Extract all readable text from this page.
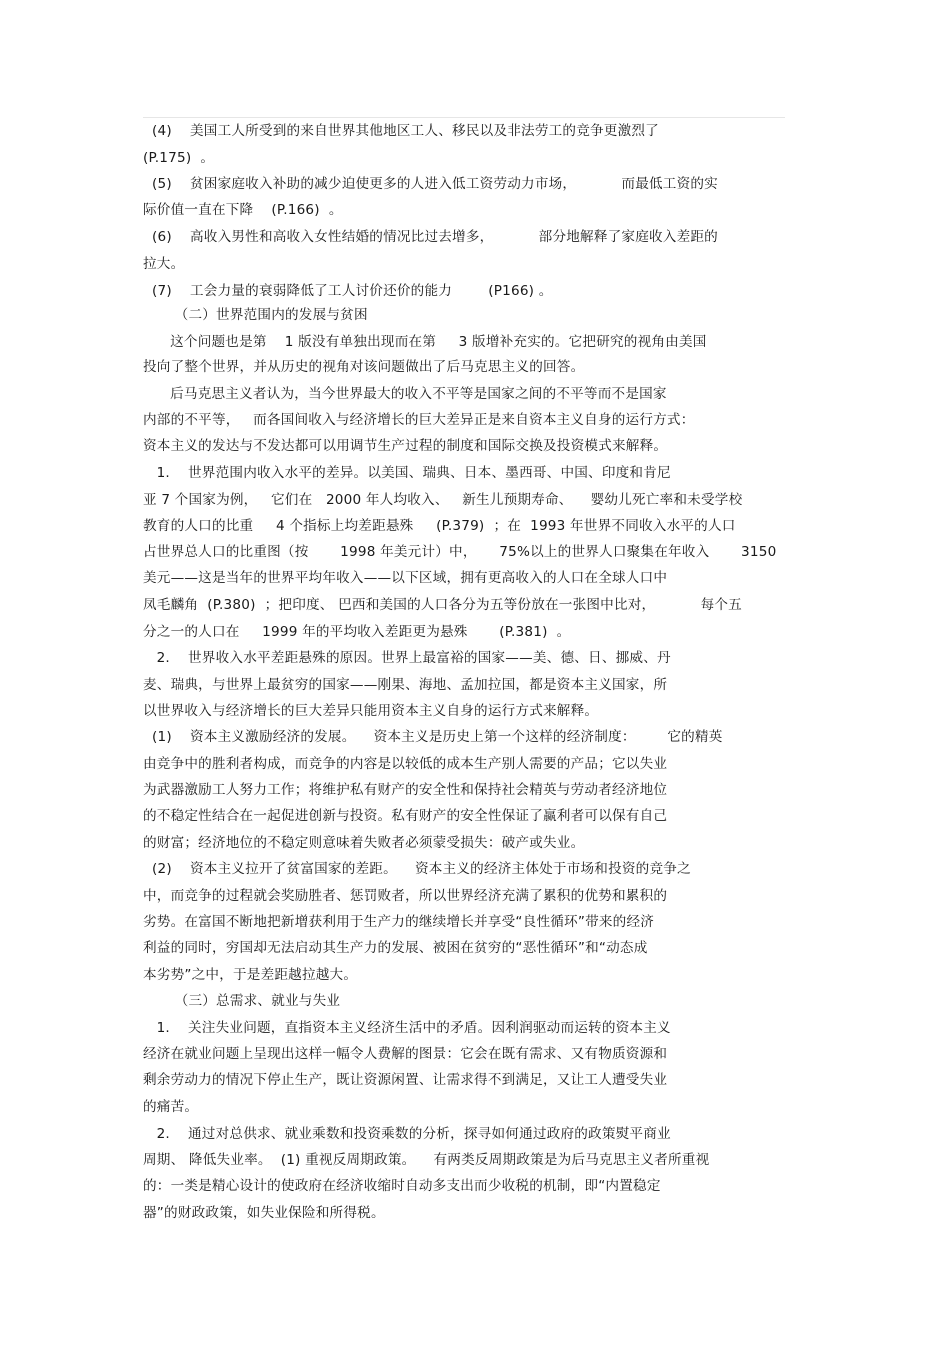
(4)    美国工人所受到的来自世界其他地区工人、移民以及非法劳工的竞争更激烈了
(P.175)  。
(5)    贫困家庭收入补助的减少迫使更多的人进入低工资劳动力市场，          而最低工资的实
际价值一直在下降    (P.166)  。
(6)    高收入男性和高收入女性结婚的情况比过去增多，          部分地解释了家庭收入差距的
拉大。
(7)    工会力量的衰弱降低了工人讨价还价的能力        (P166) 。
（二）世界范围内的发展与贫困
这个问题也是第    1 版没有单独出现而在第     3 版增补充实的。它把研究的视角由美国
投向了整个世界，并从历史的视角对该问题做出了后马克思主义的回答。
后马克思主义者认为，当今世界最大的收入不平等是国家之间的不平等而不是国家
内部的不平等，   而各国间收入与经济增长的巨大差异正是来自资本主义自身的运行方式：
资本主义的发达与不发达都可以用调节生产过程的制度和国际交换及投资模式来解释。
1.    世界范围内收入水平的差异。以美国、瑞典、日本、墨西哥、中国、印度和肯尼
亚 7 个国家为例，   它们在   2000 年人均收入、   新生儿预期寿命、    婴幼儿死亡率和未受学校
教育的人口的比重     4 个指标上均差距悬殊     (P.379)  ；在  1993 年世界不同收入水平的人口
占世界总人口的比重图（按       1998 年美元计）中，     75%以上的世界人口聚集在年收入       3150
美元——这是当年的世界平均年收入——以下区域，拥有更高收入的人口在全球人口中
凤毛麟角  (P.380)  ；把印度、 巴西和美国的人口各分为五等份放在一张图中比对，          每个五
分之一的人口在     1999 年的平均收入差距更为悬殊       (P.381)  。
2.    世界收入水平差距悬殊的原因。世界上最富裕的国家——美、德、日、挪威、丹
麦、瑞典，与世界上最贫穷的国家——刚果、海地、孟加拉国，都是资本主义国家，所
以世界收入与经济增长的巨大差异只能用资本主义自身的运行方式来解释。
(1)    资本主义激励经济的发展。    资本主义是历史上第一个这样的经济制度：       它的精英
由竞争中的胜利者构成，而竞争的内容是以较低的成本生产别人需要的产品；它以失业
为武器激励工人努力工作；将维护私有财产的安全性和保持社会精英与劳动者经济地位
的不稳定性结合在一起促进创新与投资。私有财产的安全性保证了赢利者可以保有自己
的财富；经济地位的不稳定则意味着失败者必须蒙受损失：破产或失业。
(2)    资本主义拉开了贫富国家的差距。    资本主义的经济主体处于市场和投资的竞争之
中，而竞争的过程就会奖励胜者、惩罚败者，所以世界经济充满了累积的优势和累积的
劣势。在富国不断地把新增获利用于生产力的继续增长并享受“良性循环”带来的经济
利益的同时，穷国却无法启动其生产力的发展、被困在贫穷的“恶性循环”和“动态成
本劣势”之中，于是差距越拉越大。
（三）总需求、就业与失业
1.    关注失业问题，直指资本主义经济生活中的矛盾。因利润驱动而运转的资本主义
经济在就业问题上呈现出这样一幅令人费解的图景：它会在既有需求、又有物质资源和
剩余劳动力的情况下停止生产，既让资源闲置、让需求得不到满足，又让工人遭受失业
的痛苦。
2.    通过对总供求、就业乘数和投资乘数的分析，探寻如何通过政府的政策熨平商业
周期、 降低失业率。  (1) 重视反周期政策。    有两类反周期政策是为后马克思主义者所重视
的：一类是精心设计的使政府在经济收缩时自动多支出而少收税的机制，即“内置稳定
器”的财政政策，如失业保险和所得税。
